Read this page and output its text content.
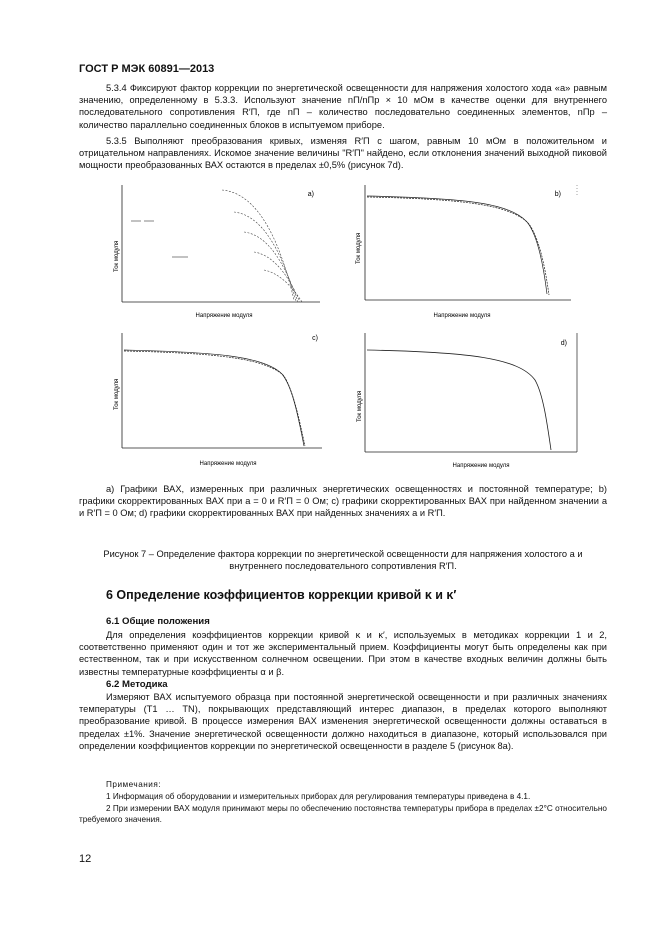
ГОСТ Р МЭК 60891—2013
5.3.4 Фиксируют фактор коррекции по энергетической освещенности для напряжения холостого хода «a» равным значению, определенному в 5.3.3. Используют значение nП/nПр × 10 мОм в качестве оценки для внутреннего последовательного сопротивления R′П, где nП – количество последовательно соединенных элементов, nПр – количество параллельно соединенных блоков в испытуемом приборе.
5.3.5 Выполняют преобразования кривых, изменяя R′П с шагом, равным 10 мОм в положительном и отрицательном направлениях. Искомое значение величины "R′П" найдено, если отклонения значений выходной пиковой мощности преобразованных ВАХ остаются в пределах ±0,5% (рисунок 7d).
a)
Ток модуля
Напряжение модуля
b)
Ток модуля
Напряжение модуля
c)
Ток модуля
Напряжение модуля
d)
Ток модуля
Напряжение модуля
a) Графики ВАХ, измеренных при различных энергетических освещенностях и постоянной температуре; b) графики скорректированных ВАХ при a = 0 и R′П = 0 Ом; c) графики скорректированных ВАХ при найденном значении a и R′П = 0 Ом; d) графики скорректированных ВАХ при найденных значениях a и R′П.
Рисунок 7 – Определение фактора коррекции по энергетической освещенности для напряжения холостого a и внутреннего последовательного сопротивления R′П.
6 Определение коэффициентов коррекции кривой κ и κ′
6.1 Общие положения
Для определения коэффициентов коррекции кривой κ и κ′, используемых в методиках коррекции 1 и 2, соответственно применяют один и тот же экспериментальный прием. Коэффициенты могут быть определены как при естественном, так и при искусственном солнечном освещении. При этом в качестве входных величин должны быть известны температурные коэффициенты α и β.
6.2 Методика
Измеряют ВАХ испытуемого образца при постоянной энергетической освещенности и при различных значениях температуры (T1 … TN), покрывающих представляющий интерес диапазон, в пределах которого выполняют преобразование кривой. В процессе измерения ВАХ изменения энергетической освещенности должны оставаться в пределах ±1%. Значение энергетической освещенности должно находиться в диапазоне, который использовался при определении коэффициентов коррекции по энергетической освещенности в разделе 5 (рисунок 8а).
Примечания:
1 Информация об оборудовании и измерительных приборах для регулирования температуры приведена в 4.1.
2 При измерении ВАХ модуля принимают меры по обеспечению постоянства температуры прибора в пределах ±2°C относительно требуемого значения.
12
